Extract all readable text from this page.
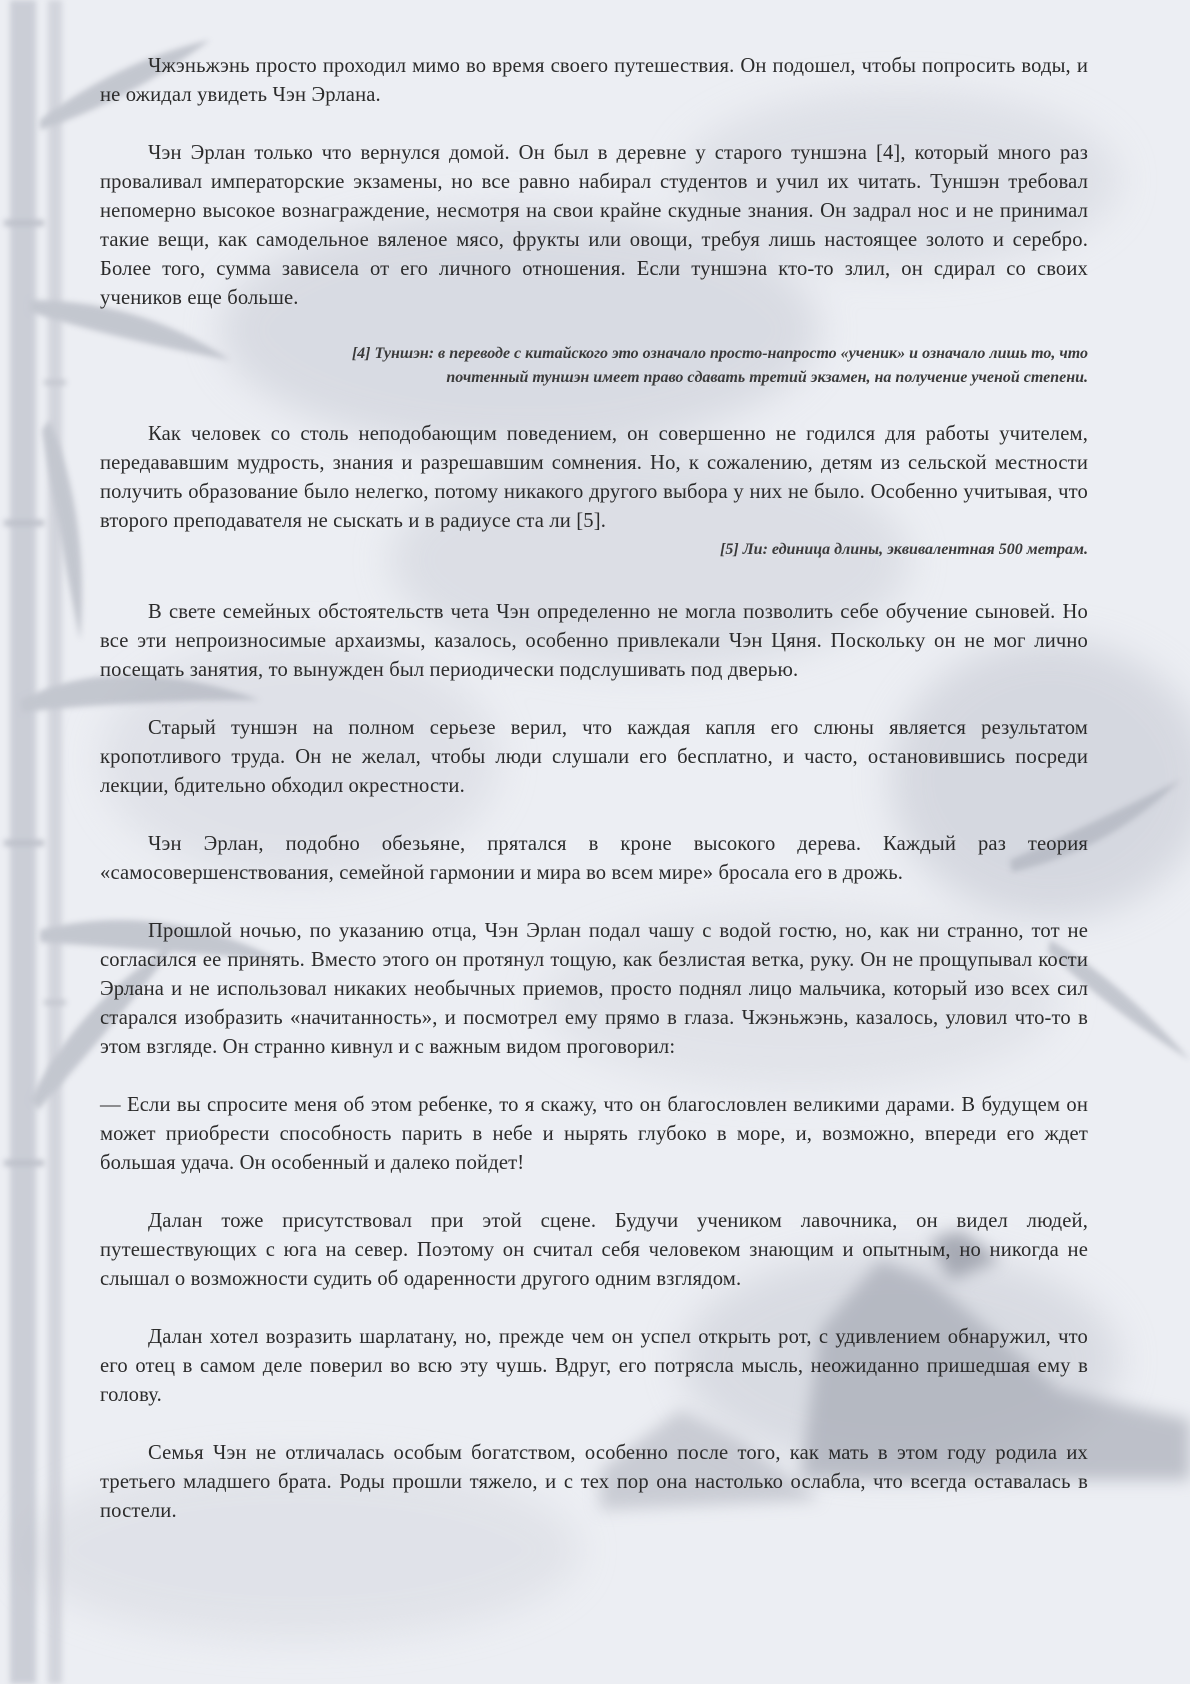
Чжэньжэнь просто проходил мимо во время своего путешествия. Он подошел, чтобы попросить воды, и не ожидал увидеть Чэн Эрлана.

Чэн Эрлан только что вернулся домой. Он был в деревне у старого туншэна [4], который много раз проваливал императорские экзамены, но все равно набирал студентов и учил их читать. Туншэн требовал непомерно высокое вознаграждение, несмотря на свои крайне скудные знания. Он задрал нос и не принимал такие вещи, как самодельное вяленое мясо, фрукты или овощи, требуя лишь настоящее золото и серебро. Более того, сумма зависела от его личного отношения. Если туншэна кто-то злил, он сдирал со своих учеников еще больше.

[4] Туншэн: в переводе с китайского это означало просто-напросто «ученик» и означало лишь то, что
почтенный туншэн имеет право сдавать третий экзамен, на получение ученой степени.

Как человек со столь неподобающим поведением, он совершенно не годился для работы учителем, передававшим мудрость, знания и разрешавшим сомнения. Но, к сожалению, детям из сельской местности получить образование было нелегко, потому никакого другого выбора у них не было. Особенно учитывая, что второго преподавателя не сыскать и в радиусе ста ли [5].

[5] Ли: единица длины, эквивалентная 500 метрам.

В свете семейных обстоятельств чета Чэн определенно не могла позволить себе обучение сыновей. Но все эти непроизносимые архаизмы, казалось, особенно привлекали Чэн Цяня. Поскольку он не мог лично посещать занятия, то вынужден был периодически подслушивать под дверью.

Старый туншэн на полном серьезе верил, что каждая капля его слюны является результатом кропотливого труда. Он не желал, чтобы люди слушали его бесплатно, и часто, остановившись посреди лекции, бдительно обходил окрестности.

Чэн Эрлан, подобно обезьяне, прятался в кроне высокого дерева. Каждый раз теория «самосовершенствования, семейной гармонии и мира во всем мире» бросала его в дрожь.

Прошлой ночью, по указанию отца, Чэн Эрлан подал чашу с водой гостю, но, как ни странно, тот не согласился ее принять. Вместо этого он протянул тощую, как безлистая ветка, руку. Он не прощупывал кости Эрлана и не использовал никаких необычных приемов, просто поднял лицо мальчика, который изо всех сил старался изобразить «начитанность», и посмотрел ему прямо в глаза. Чжэньжэнь, казалось, уловил что-то в этом взгляде. Он странно кивнул и с важным видом проговорил:

— Если вы спросите меня об этом ребенке, то я скажу, что он благословлен великими дарами. В будущем он может приобрести способность парить в небе и нырять глубоко в море, и, возможно, впереди его ждет большая удача. Он особенный и далеко пойдет!

Далан тоже присутствовал при этой сцене. Будучи учеником лавочника, он видел людей, путешествующих с юга на север. Поэтому он считал себя человеком знающим и опытным, но никогда не слышал о возможности судить об одаренности другого одним взглядом.

Далан хотел возразить шарлатану, но, прежде чем он успел открыть рот, с удивлением обнаружил, что его отец в самом деле поверил во всю эту чушь. Вдруг, его потрясла мысль, неожиданно пришедшая ему в голову.

Семья Чэн не отличалась особым богатством, особенно после того, как мать в этом году родила их третьего младшего брата. Роды прошли тяжело, и с тех пор она настолько ослабла, что всегда оставалась в постели.
